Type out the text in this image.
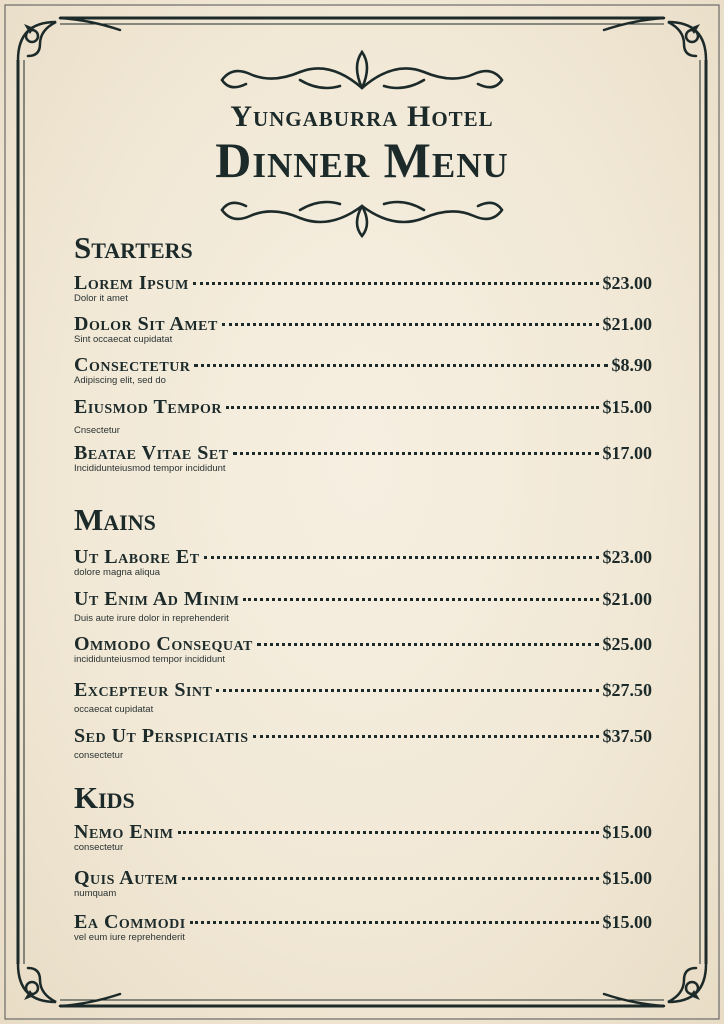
Yungaburra Hotel
Dinner Menu
Starters
Lorem Ipsum	$23.00
Dolor it amet
Dolor Sit Amet	$21.00
Sint occaecat cupidatat
Consectetur	$8.90
Adipiscing elit, sed do
Eiusmod Tempor	$15.00
Cnsectetur
Beatae Vitae Set	$17.00
Incididunteiusmod tempor incididunt
Mains
Ut Labore Et	$23.00
dolore magna aliqua
Ut Enim Ad Minim	$21.00
Duis aute irure dolor in reprehenderit
Ommodo Consequat	$25.00
incididunteiusmod tempor incididunt
Excepteur Sint	$27.50
occaecat cupidatat
Sed Ut Perspiciatis	$37.50
consectetur
Kids
Nemo Enim	$15.00
consectetur
Quis Autem	$15.00
numquam
Ea Commodi	$15.00
vel eum iure reprehenderit
